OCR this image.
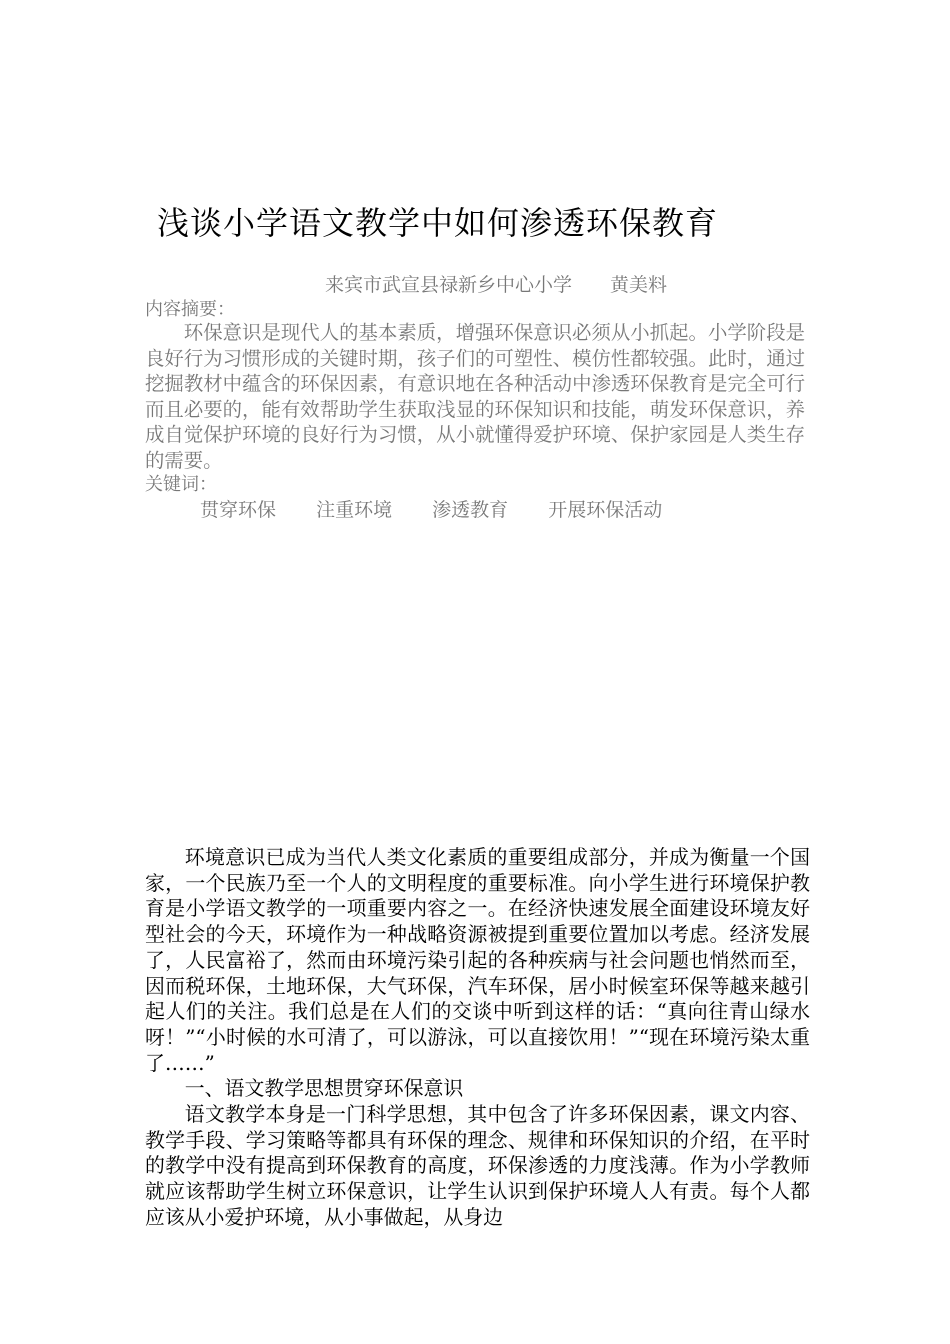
浅谈小学语文教学中如何渗透环保教育
来宾市武宣县禄新乡中心小学 黄美料
内容摘要：

环保意识是现代人的基本素质，增强环保意识必须从小抓起。小学阶段是良好行为习惯形成的关键时期，孩子们的可塑性、模仿性都较强。此时，通过挖掘教材中蕴含的环保因素，有意识地在各种活动中渗透环保教育是完全可行而且必要的，能有效帮助学生获取浅显的环保知识和技能，萌发环保意识，养成自觉保护环境的良好行为习惯，从小就懂得爱护环境、保护家园是人类生存的需要。

关键词：
贯穿环保 注重环境 渗透教育 开展环保活动

环境意识已成为当代人类文化素质的重要组成部分，并成为衡量一个国家，一个民族乃至一个人的文明程度的重要标准。向小学生进行环境保护教育是小学语文教学的一项重要内容之一。在经济快速发展全面建设环境友好型社会的今天，环境作为一种战略资源被提到重要位置加以考虑。经济发展了，人民富裕了，然而由环境污染引起的各种疾病与社会问题也悄然而至，因而税环保，土地环保，大气环保，汽车环保，居小时候室环保等越来越引起人们的关注。我们总是在人们的交谈中听到这样的话：“真向往青山绿水呀！”“小时候的水可清了，可以游泳，可以直接饮用！”“现在环境污染太重了……”

一、语文教学思想贯穿环保意识

语文教学本身是一门科学思想，其中包含了许多环保因素，课文内容、教学手段、学习策略等都具有环保的理念、规律和环保知识的介绍，在平时的教学中没有提高到环保教育的高度，环保渗透的力度浅薄。作为小学教师就应该帮助学生树立环保意识，让学生认识到保护环境人人有责。每个人都应该从小爱护环境，从小事做起，从身边
